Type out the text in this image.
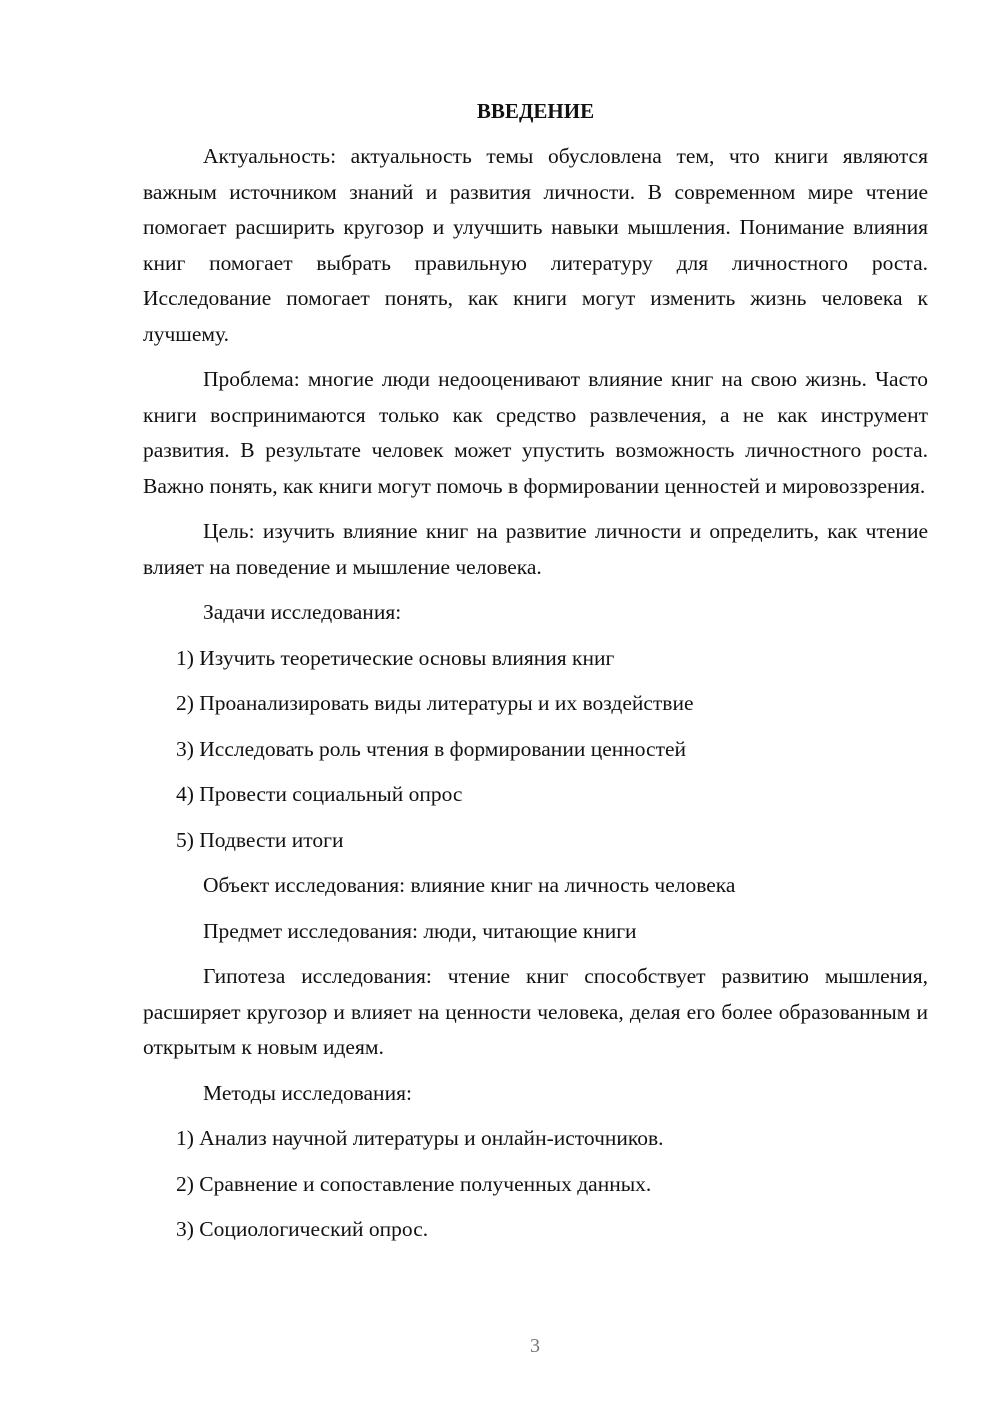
ВВЕДЕНИЕ

Актуальность: актуальность темы обусловлена тем, что книги являются важным источником знаний и развития личности. В современном мире чтение помогает расширить кругозор и улучшить навыки мышления. Понимание влияния книг помогает выбрать правильную литературу для личностного роста. Исследование помогает понять, как книги могут изменить жизнь человека к лучшему.

Проблема: многие люди недооценивают влияние книг на свою жизнь. Часто книги воспринимаются только как средство развлечения, а не как инструмент развития. В результате человек может упустить возможность личностного роста. Важно понять, как книги могут помочь в формировании ценностей и мировоззрения.

Цель: изучить влияние книг на развитие личности и определить, как чтение влияет на поведение и мышление человека.

Задачи исследования:

1) Изучить теоретические основы влияния книг

2) Проанализировать виды литературы и их воздействие

3) Исследовать роль чтения в формировании ценностей

4) Провести социальный опрос

5) Подвести итоги

Объект исследования: влияние книг на личность человека

Предмет исследования: люди, читающие книги

Гипотеза исследования: чтение книг способствует развитию мышления, расширяет кругозор и влияет на ценности человека, делая его более образованным и открытым к новым идеям.

Методы исследования:

1) Анализ научной литературы и онлайн-источников.

2) Сравнение и сопоставление полученных данных.

3) Социологический опрос.

3
